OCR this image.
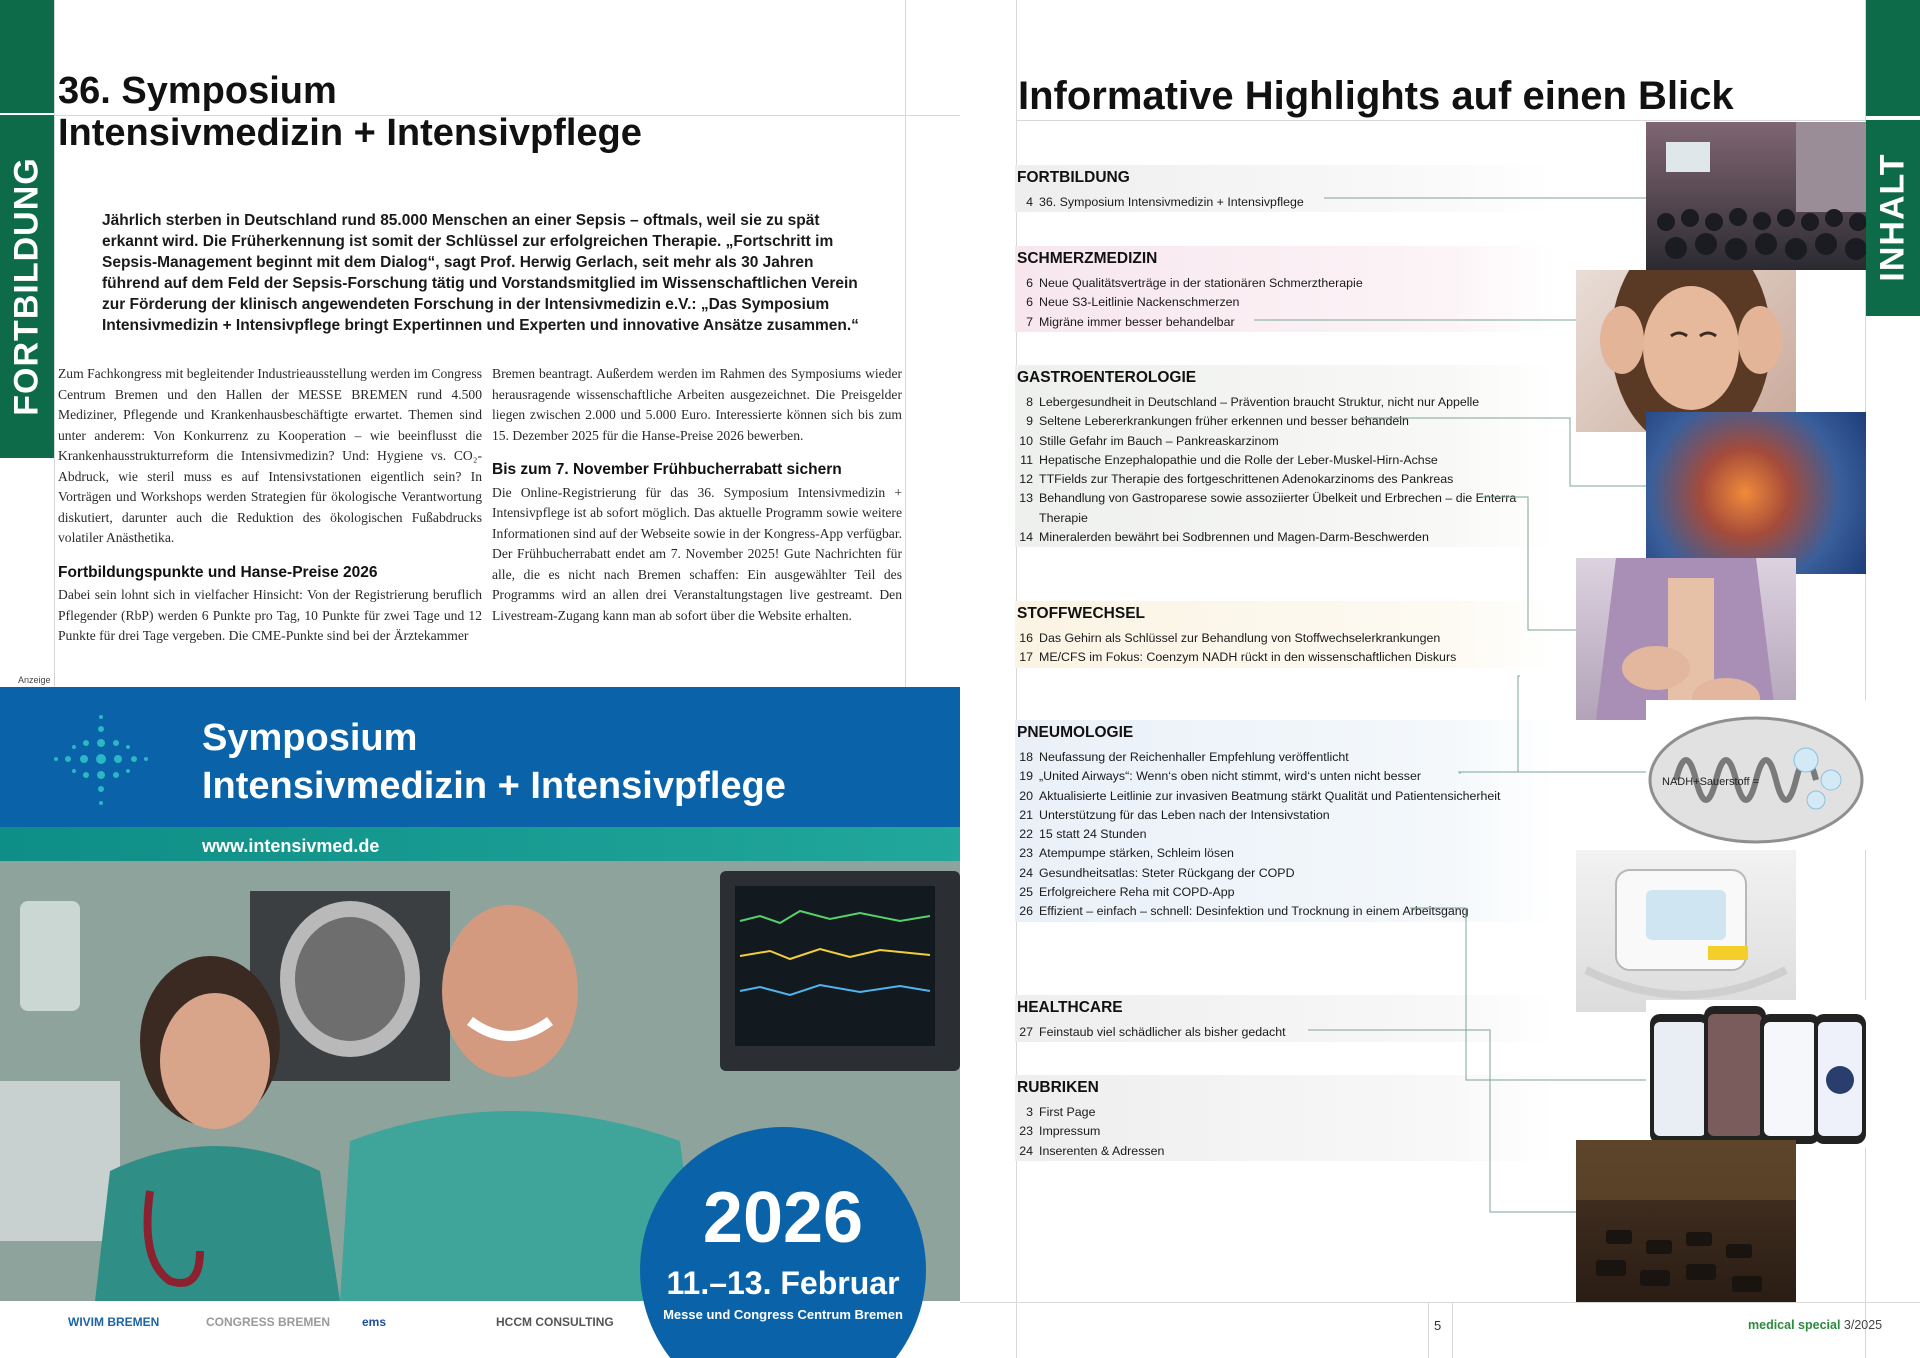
FORTBILDUNG
36. Symposium
Intensivmedizin + Intensivpflege
Jährlich sterben in Deutschland rund 85.000 Menschen an einer Sepsis – oftmals, weil sie zu spät erkannt wird. Die Früherkennung ist somit der Schlüssel zur erfolgreichen Therapie. „Fortschritt im Sepsis-Management beginnt mit dem Dialog“, sagt Prof. Herwig Gerlach, seit mehr als 30 Jahren führend auf dem Feld der Sepsis-Forschung tätig und Vorstandsmitglied im Wissenschaftlichen Verein zur Förderung der klinisch angewendeten Forschung in der Intensivmedizin e.V.: „Das Symposium Intensivmedizin + Intensivpflege bringt Expertinnen und Experten und innovative Ansätze zusammen.“
Zum Fachkongress mit begleitender Industrieausstellung werden im Congress Centrum Bremen und den Hallen der MESSE BREMEN rund 4.500 Mediziner, Pflegende und Krankenhausbeschäftigte erwartet. Themen sind unter anderem: Von Konkurrenz zu Kooperation – wie beeinflusst die Krankenhausstrukturreform die Intensivmedizin? Und: Hygiene vs. CO₂-Abdruck, wie steril muss es auf Intensivstationen eigentlich sein? In Vorträgen und Workshops werden Strategien für ökologische Verantwortung diskutiert, darunter auch die Reduktion des ökologischen Fußabdrucks volatiler Anästhetika.
Fortbildungspunkte und Hanse-Preise 2026
Dabei sein lohnt sich in vielfacher Hinsicht: Von der Registrierung beruflich Pflegender (RbP) werden 6 Punkte pro Tag, 10 Punkte für zwei Tage und 12 Punkte für drei Tage vergeben. Die CME-Punkte sind bei der Ärztekammer
Bremen beantragt. Außerdem werden im Rahmen des Symposiums wieder herausragende wissenschaftliche Arbeiten ausgezeichnet. Die Preisgelder liegen zwischen 2.000 und 5.000 Euro. Interessierte können sich bis zum 15. Dezember 2025 für die Hanse-Preise 2026 bewerben.
Bis zum 7. November Frühbucherrabatt sichern
Die Online-Registrierung für das 36. Symposium Intensivmedizin + Intensivpflege ist ab sofort möglich. Das aktuelle Programm sowie weitere Informationen sind auf der Webseite sowie in der Kongress-App verfügbar. Der Frühbucherrabatt endet am 7. November 2025! Gute Nachrichten für alle, die es nicht nach Bremen schaffen: Ein ausgewählter Teil des Programms wird an allen drei Veranstaltungstagen live gestreamt. Den Livestream-Zugang kann man ab sofort über die Website erhalten.
Anzeige
Symposium
Intensivmedizin + Intensivpflege
www.intensivmed.de
WIVIM BREMEN	CONGRESS BREMEN	ems	HCCM CONSULTING
2026
11.–13. Februar
Messe und Congress Centrum Bremen
Informative Highlights auf einen Blick
INHALT
FORTBILDUNG
4 36. Symposium Intensivmedizin + Intensivpflege
SCHMERZMEDIZIN
6 Neue Qualitätsverträge in der stationären Schmerztherapie
6 Neue S3-Leitlinie Nackenschmerzen
7 Migräne immer besser behandelbar
GASTROENTEROLOGIE
8 Lebergesundheit in Deutschland – Prävention braucht Struktur, nicht nur Appelle
9 Seltene Lebererkrankungen früher erkennen und besser behandeln
10 Stille Gefahr im Bauch – Pankreaskarzinom
11 Hepatische Enzephalopathie und die Rolle der Leber-Muskel-Hirn-Achse
12 TTFields zur Therapie des fortgeschrittenen Adenokarzinoms des Pankreas
13 Behandlung von Gastroparese sowie assoziierter Übelkeit und Erbrechen – die Enterra Therapie
14 Mineralerden bewährt bei Sodbrennen und Magen-Darm-Beschwerden
STOFFWECHSEL
16 Das Gehirn als Schlüssel zur Behandlung von Stoffwechselerkrankungen
17 ME/CFS im Fokus: Coenzym NADH rückt in den wissenschaftlichen Diskurs
PNEUMOLOGIE
18 Neufassung der Reichenhaller Empfehlung veröffentlicht
19 „United Airways“: Wenn‘s oben nicht stimmt, wird‘s unten nicht besser
20 Aktualisierte Leitlinie zur invasiven Beatmung stärkt Qualität und Patientensicherheit
21 Unterstützung für das Leben nach der Intensivstation
22 15 statt 24 Stunden
23 Atempumpe stärken, Schleim lösen
24 Gesundheitsatlas: Steter Rückgang der COPD
25 Erfolgreichere Reha mit COPD-App
26 Effizient – einfach – schnell: Desinfektion und Trocknung in einem Arbeitsgang
HEALTHCARE
27 Feinstaub viel schädlicher als bisher gedacht
RUBRIKEN
3 First Page
23 Impressum
24 Inserenten & Adressen
NADH+Sauerstoff =
5	medical special 3/2025
